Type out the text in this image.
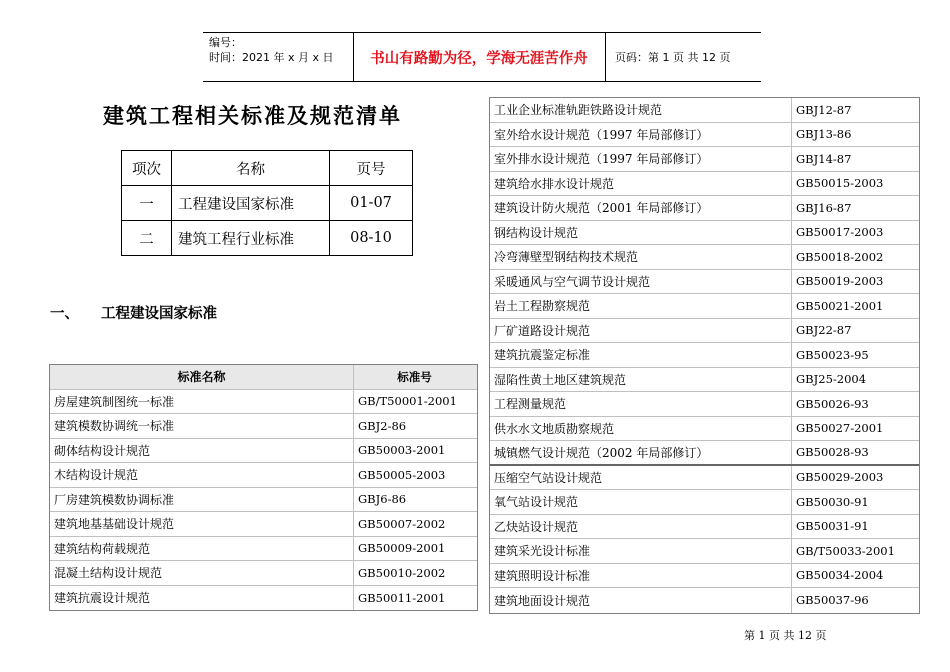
编号：
时间：2021 年 x 月 x 日	书山有路勤为径，学海无涯苦作舟	页码：第 1 页 共 12 页
建筑工程相关标准及规范清单
项次	名称	页号
一	工程建设国家标准	01-07
二	建筑工程行业标准	08-10
一、 工程建设国家标准
标准名称	标准号
房屋建筑制图统一标准	GB/T50001-2001
建筑模数协调统一标准	GBJ2-86
砌体结构设计规范	GB50003-2001
木结构设计规范	GB50005-2003
厂房建筑模数协调标准	GBJ6-86
建筑地基基础设计规范	GB50007-2002
建筑结构荷载规范	GB50009-2001
混凝土结构设计规范	GB50010-2002
建筑抗震设计规范	GB50011-2001
工业企业标准轨距铁路设计规范	GBJ12-87
室外给水设计规范（1997 年局部修订）	GBJ13-86
室外排水设计规范（1997 年局部修订）	GBJ14-87
建筑给水排水设计规范	GB50015-2003
建筑设计防火规范（2001 年局部修订）	GBJ16-87
钢结构设计规范	GB50017-2003
冷弯薄壁型钢结构技术规范	GB50018-2002
采暖通风与空气调节设计规范	GB50019-2003
岩土工程勘察规范	GB50021-2001
厂矿道路设计规范	GBJ22-87
建筑抗震鉴定标准	GB50023-95
湿陷性黄土地区建筑规范	GBJ25-2004
工程测量规范	GB50026-93
供水水文地质勘察规范	GB50027-2001
城镇燃气设计规范（2002 年局部修订）	GB50028-93
压缩空气站设计规范	GB50029-2003
氧气站设计规范	GB50030-91
乙炔站设计规范	GB50031-91
建筑采光设计标准	GB/T50033-2001
建筑照明设计标准	GB50034-2004
建筑地面设计规范	GB50037-96
第 1 页 共 12 页
